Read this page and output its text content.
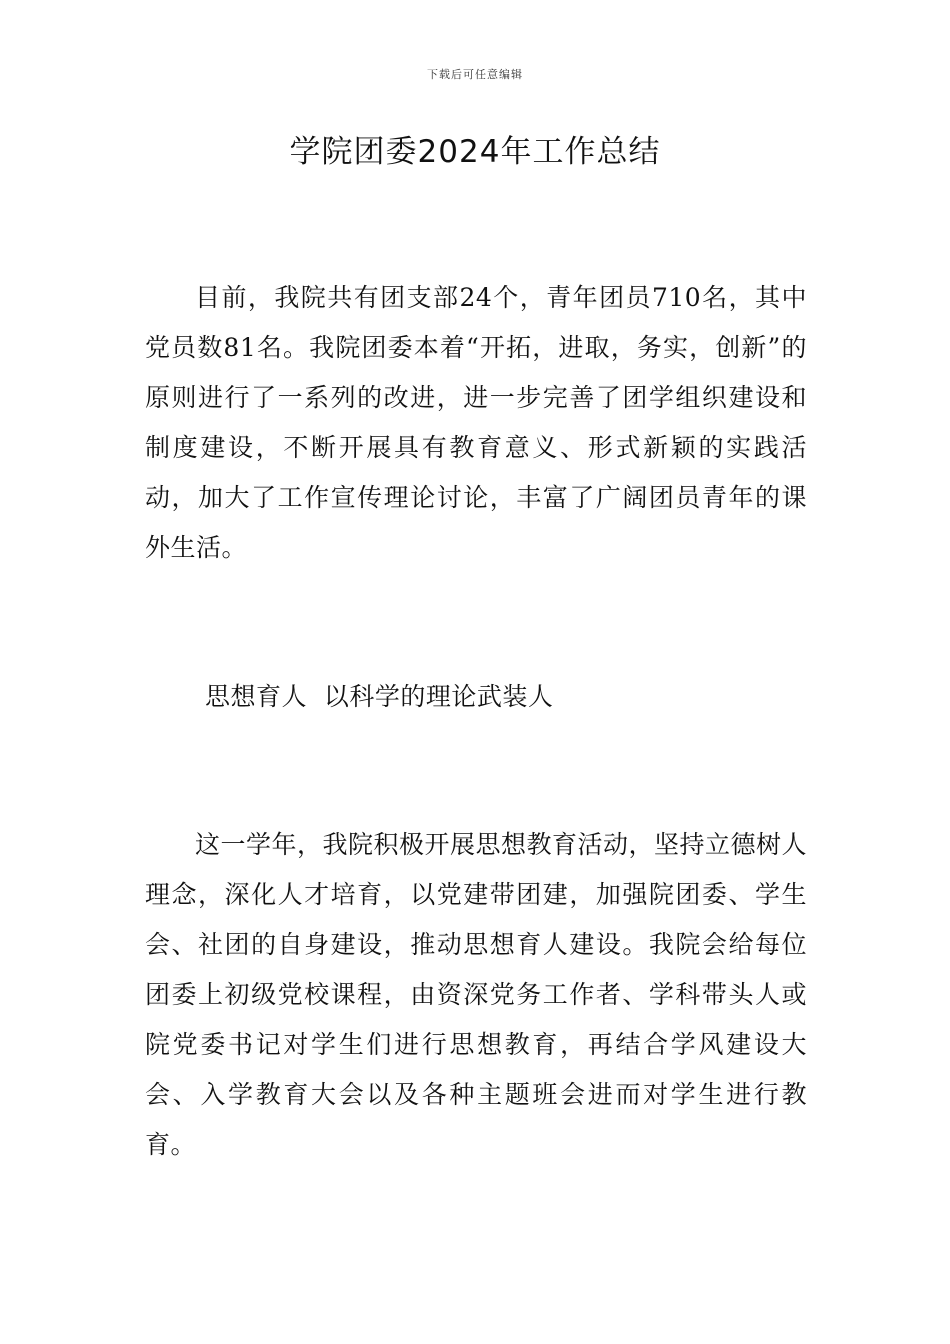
下载后可任意编辑
学院团委2024年工作总结

目前，我院共有团支部24个，青年团员710名，其中党员数81名。我院团委本着“开拓，进取，务实，创新”的原则进行了一系列的改进，进一步完善了团学组织建设和制度建设，不断开展具有教育意义、形式新颖的实践活动，加大了工作宣传理论讨论，丰富了广阔团员青年的课外生活。

思想育人  以科学的理论武装人

这一学年，我院积极开展思想教育活动，坚持立德树人理念，深化人才培育，以党建带团建，加强院团委、学生会、社团的自身建设，推动思想育人建设。我院会给每位团委上初级党校课程，由资深党务工作者、学科带头人或院党委书记对学生们进行思想教育，再结合学风建设大会、入学教育大会以及各种主题班会进而对学生进行教育。
